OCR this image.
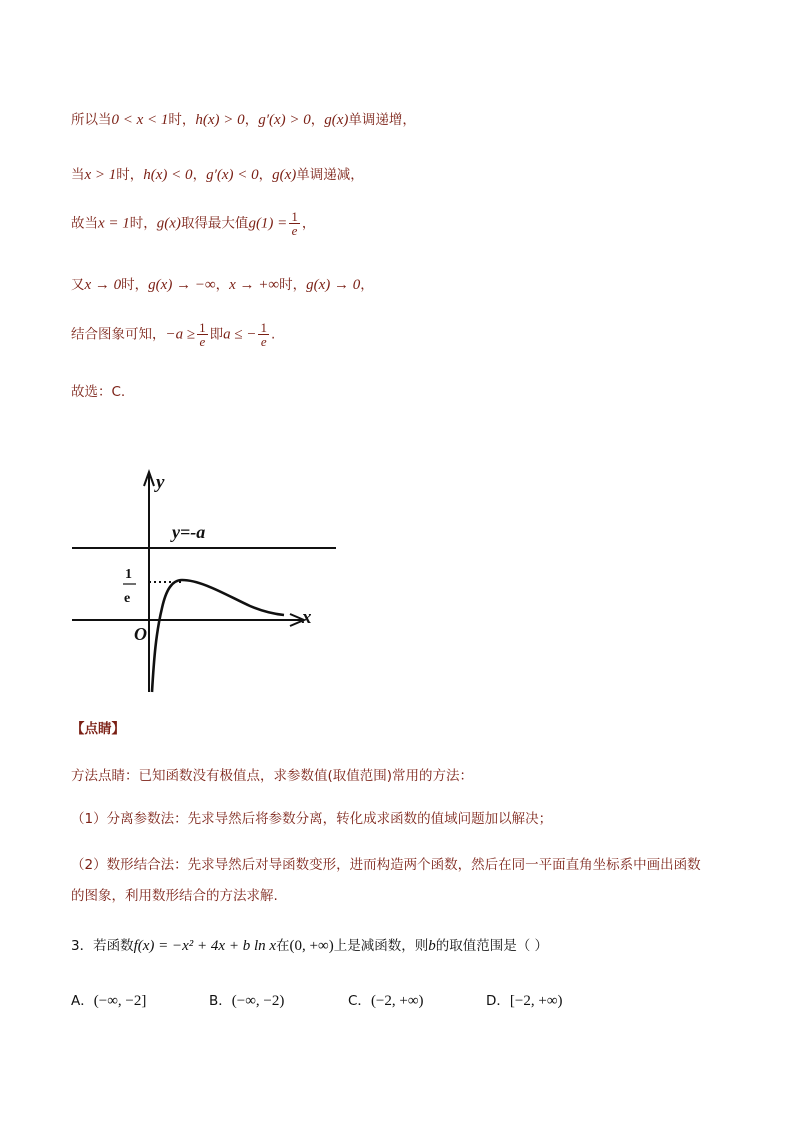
所以当0 < x < 1时，h(x) > 0，g′(x) > 0，g(x)单调递增，
当x > 1时，h(x) < 0，g′(x) < 0，g(x)单调递减，
故当x = 1时，g(x)取得最大值$g(1) = \frac{1}{e}$ ，
又x → 0时，g(x) → −∞，x → +∞时，g(x) → 0，
结合图象可知，$-a \ge \frac{1}{e}$ 即a ≤ − $\frac{1}{e}$ .
故选：C.
y
x
O
y=-a
1
e
【点睛】
方法点睛：已知函数没有极值点，求参数值(取值范围)常用的方法：
（1）分离参数法：先求导然后将参数分离，转化成求函数的值域问题加以解决；
（2）数形结合法：先求导然后对导函数变形，进而构造两个函数，然后在同一平面直角坐标系中画出函数
的图象，利用数形结合的方法求解.
3．若函数f(x) = −x² + 4x + b ln x在(0, +∞)上是减函数，则b的取值范围是（ ）
A．(−∞, −2]	B．(−∞, −2)	C．(−2, +∞)	D．[−2, +∞)
